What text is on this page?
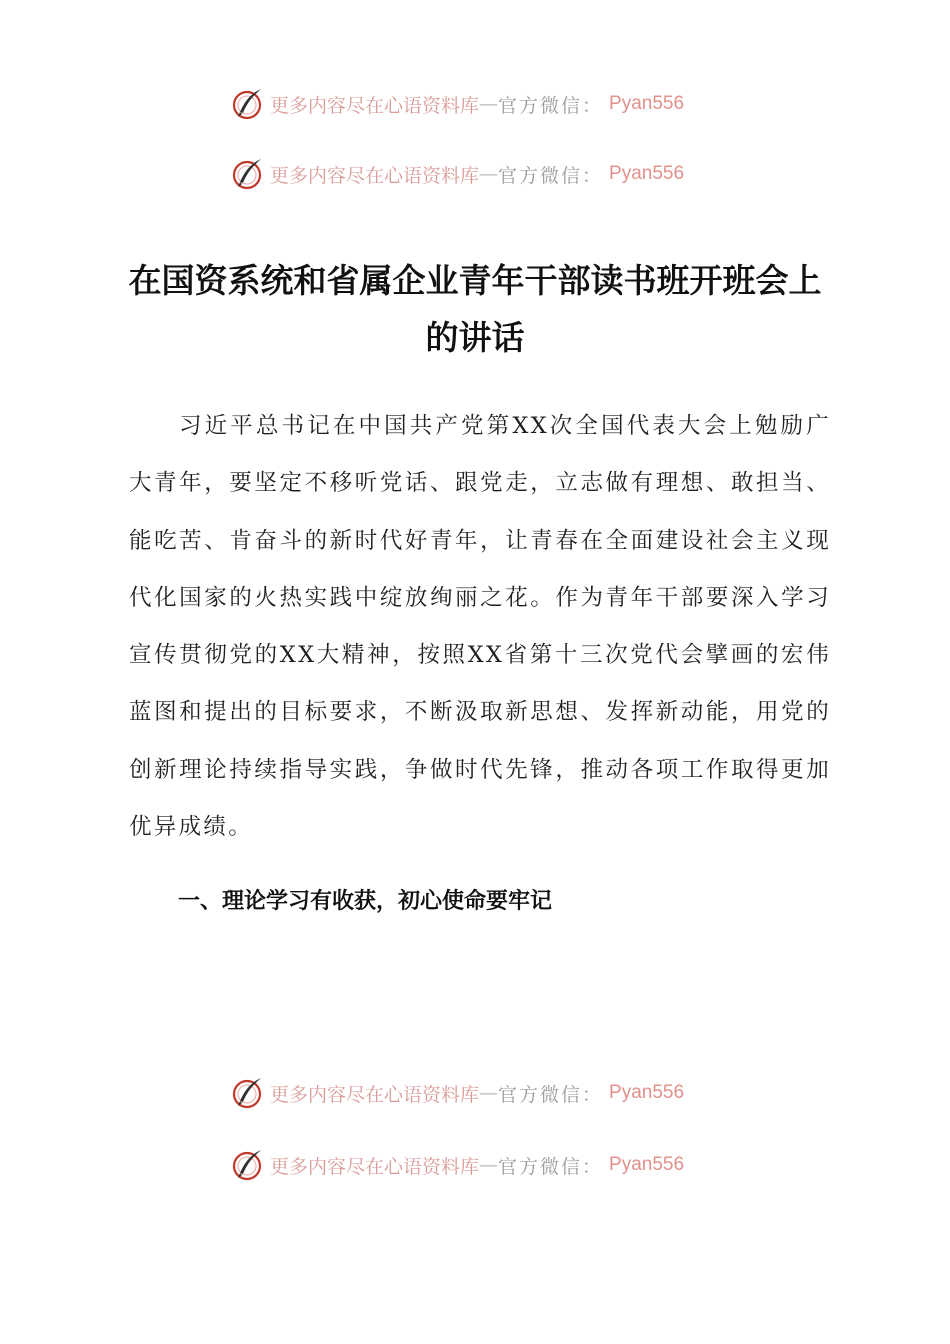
更多内容尽在心语资料库 — 官方微信： Pyan556
更多内容尽在心语资料库 — 官方微信： Pyan556
在国资系统和省属企业青年干部读书班开班会上的讲话

习近平总书记在中国共产党第XX次全国代表大会上勉励广大青年，要坚定不移听党话、跟党走，立志做有理想、敢担当、能吃苦、肯奋斗的新时代好青年，让青春在全面建设社会主义现代化国家的火热实践中绽放绚丽之花。作为青年干部要深入学习宣传贯彻党的XX大精神，按照XX省第十三次党代会擘画的宏伟蓝图和提出的目标要求，不断汲取新思想、发挥新动能，用党的创新理论持续指导实践，争做时代先锋，推动各项工作取得更加优异成绩。

一、理论学习有收获，初心使命要牢记
更多内容尽在心语资料库 — 官方微信： Pyan556
更多内容尽在心语资料库 — 官方微信： Pyan556
